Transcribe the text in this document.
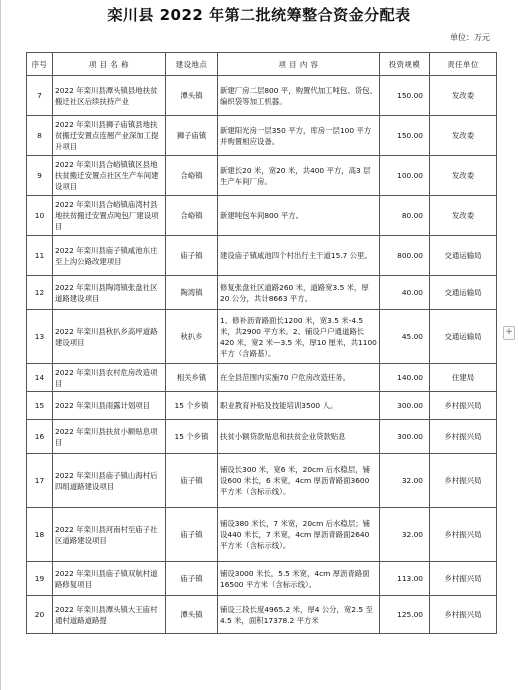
栾川县 2022 年第二批统筹整合资金分配表
单位：万元
序号	项 目 名 称	建设地点	项 目 内 容	投资规模	责任单位
7	2022 年栾川县潭头镇县地扶贫搬迁社区后续扶持产业	潭头镇	新建厂房二层800 平，购置代加工吨包、货包、编织袋等加工机器。	150.00	发改委
8	2022 年栾川县狮子庙镇县地扶贫搬迁安置点连翘产业深加工提升项目	狮子庙镇	新建阳光房一层350 平方，库房一层100 平方并购置相应设备。	150.00	发改委
9	2022 年栾川县合峪镇镇区县地扶贫搬迁安置点社区生产车间建设项目	合峪镇	新建长20 米，宽20 米，共400 平方，高3 层生产车间厂房。	100.00	发改委
10	2022 年栾川县合峪镇庙湾村县地扶贫搬迁安置点吨包厂建设项目	合峪镇	新建吨包车间800 平方。	80.00	发改委
11	2022 年栾川县庙子镇咸池东庄至上沟公路改建项目	庙子镇	建设庙子镇咸池四个村出行主干道15.7 公里。	800.00	交通运输局
12	2022 年栾川县陶湾镇张盘社区道路建设项目	陶湾镇	修复张盘社区道路260 米，道路宽3.5 米，厚20 公分，共计8663 平方。	40.00	交通运输局
13	2022 年栾川县秋扒乡高坪道路建设项目	秋扒乡	1、修补沥青路面长1200 米，宽3.5 米-4.5 米，共2900 平方米。2、铺设户户通道路长420 米，宽2 米—3.5 米，厚10 厘米，共1100 平方（含路基）。	45.00	交通运输局
14	2022 年栾川县农村危房改造项目	相关乡镇	在全县范围内实施70 户危房改造任务。	140.00	住建局
15	2022 年栾川县雨露计划项目	15 个乡镇	职业教育补贴及技能培训3500 人。	300.00	乡村振兴局
16	2022 年栾川县扶贫小额贴息项目	15 个乡镇	扶贫小额贷款贴息和扶贫企业贷款贴息	300.00	乡村振兴局
17	2022 年栾川县庙子镇山海村后四组道路建设项目	庙子镇	铺设长300 米，宽6 米，20cm 后水稳层，铺设600 米长，6 米宽，4cm 厚沥青路面3600 平方米（含标示线）。	32.00	乡村振兴局
18	2022 年栾川县河南村至庙子社区道路建设项目	庙子镇	铺设380 米长，7 米宽，20cm 后水稳层；铺设440 米长，7 米宽，4cm 厚沥青路面2640 平方米（含标示线）。	32.00	乡村振兴局
19	2022 年栾川县庙子镇双航村道路修复项目	庙子镇	铺设3000 米长，5.5 米宽，4cm 厚沥青路面16500 平方米（含标示线）。	113.00	乡村振兴局
20	2022 年栾川县潭头镇大王庙村通村道路道路提	潭头镇	铺设三段长度4965.2 米，厚4 公分，宽2.5 至4.5 米，面积17378.2 平方米	125.00	乡村振兴局
+
